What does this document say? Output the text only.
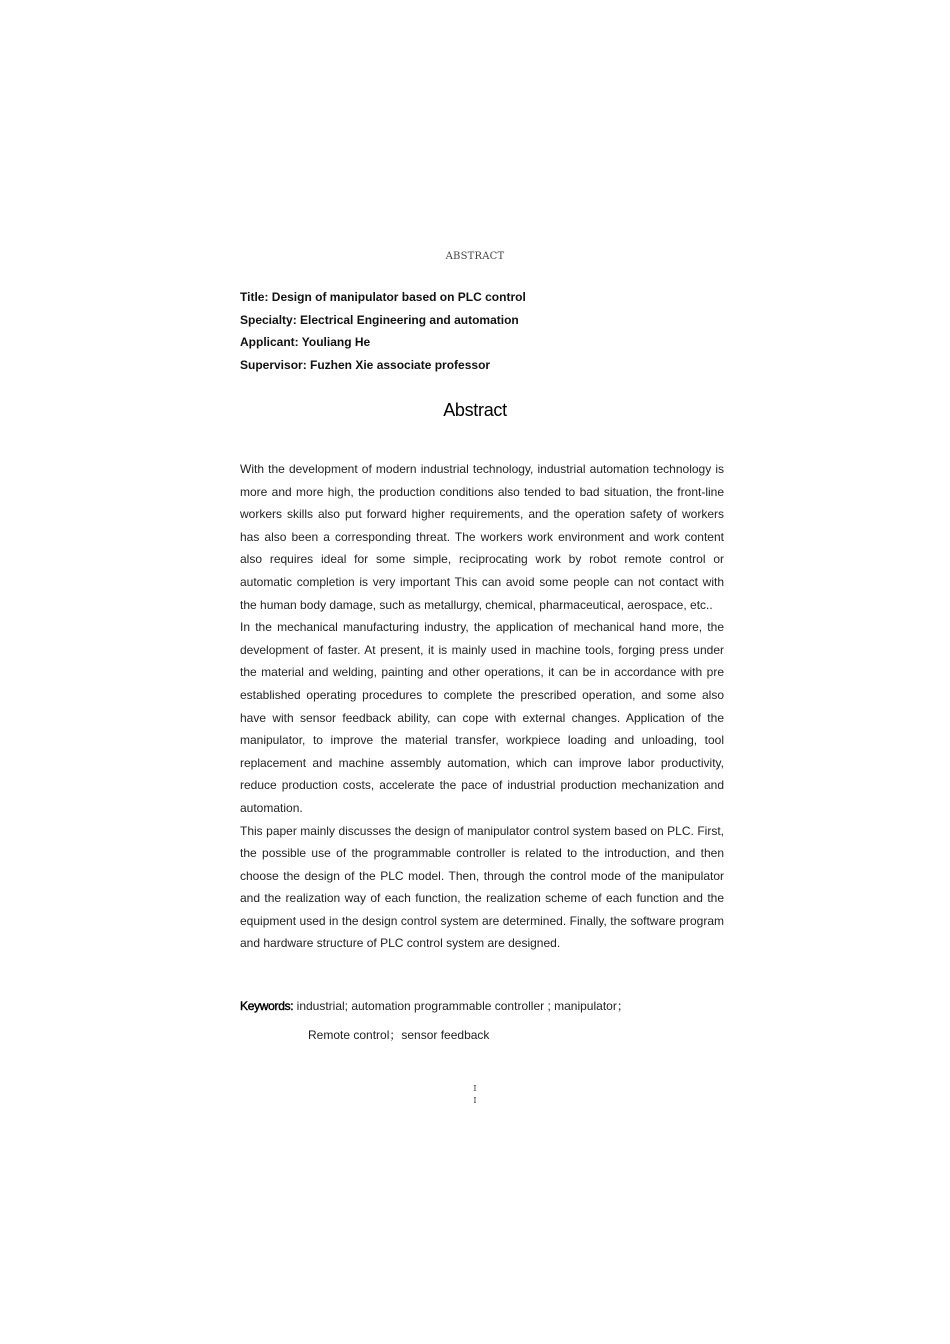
ABSTRACT
Title: Design of manipulator based on PLC control
Specialty: Electrical Engineering and automation
Applicant: Youliang He
Supervisor: Fuzhen Xie associate professor
Abstract

With the development of modern industrial technology, industrial automation technology is more and more high, the production conditions also tended to bad situation, the front-line workers skills also put forward higher requirements, and the operation safety of workers has also been a corresponding threat. The workers work environment and work content also requires ideal for some simple, reciprocating work by robot remote control or automatic completion is very important This can avoid some people can not contact with the human body damage, such as metallurgy, chemical, pharmaceutical, aerospace, etc..

In the mechanical manufacturing industry, the application of mechanical hand more, the development of faster. At present, it is mainly used in machine tools, forging press under the material and welding, painting and other operations, it can be in accordance with pre established operating procedures to complete the prescribed operation, and some also have with sensor feedback ability, can cope with external changes. Application of the manipulator, to improve the material transfer, workpiece loading and unloading, tool replacement and machine assembly automation, which can improve labor productivity, reduce production costs, accelerate the pace of industrial production mechanization and automation.

This paper mainly discusses the design of manipulator control system based on PLC. First, the possible use of the programmable controller is related to the introduction, and then choose the design of the PLC model. Then, through the control mode of the manipulator and the realization way of each function, the realization scheme of each function and the equipment used in the design control system are determined. Finally, the software program and hardware structure of PLC control system are designed.

Keywords: industrial; automation programmable controller ; manipulator；
Remote control；sensor feedback
I
I
